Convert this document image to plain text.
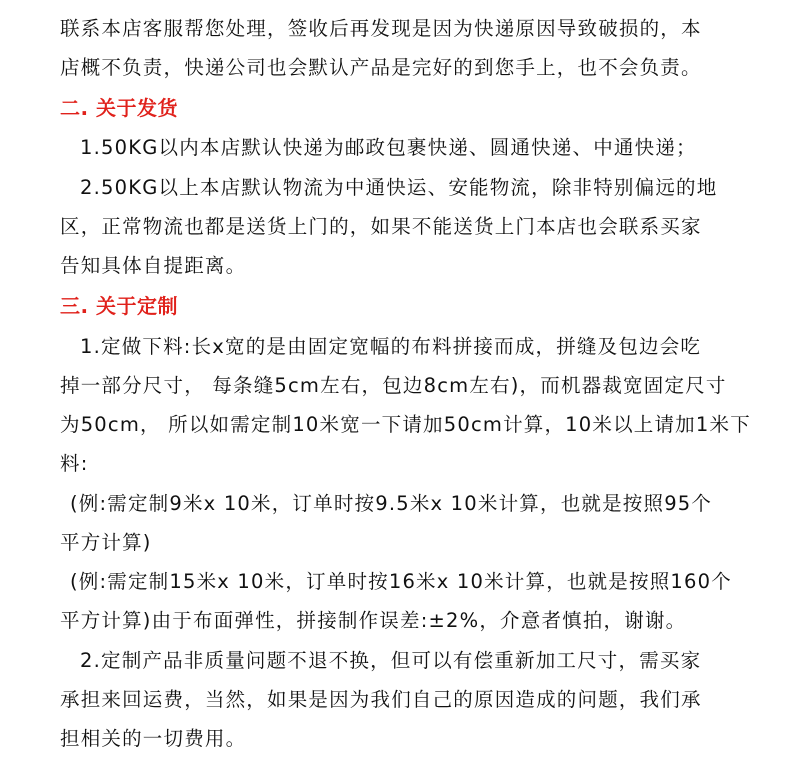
联系本店客服帮您处理，签收后再发现是因为快递原因导致破损的，本
店概不负责，快递公司也会默认产品是完好的到您手上，也不会负责。
二. 关于发货
1.50KG以内本店默认快递为邮政包裹快递、圆通快递、中通快递；
2.50KG以上本店默认物流为中通快运、安能物流，除非特别偏远的地
区，正常物流也都是送货上门的，如果不能送货上门本店也会联系买家
告知具体自提距离。
三. 关于定制
1.定做下料:长x宽的是由固定宽幅的布料拼接而成，拼缝及包边会吃
掉一部分尺寸， 每条缝5cm左右，包边8cm左右)，而机器裁宽固定尺寸
为50cm， 所以如需定制10米宽一下请加50cm计算，10米以上请加1米下
料:
(例:需定制9米x 10米，订单时按9.5米x 10米计算，也就是按照95个
平方计算)
(例:需定制15米x 10米，订单时按16米x 10米计算，也就是按照160个
平方计算)由于布面弹性，拼接制作误差:±2%，介意者慎拍，谢谢。
2.定制产品非质量问题不退不换，但可以有偿重新加工尺寸，需买家
承担来回运费，当然，如果是因为我们自己的原因造成的问题，我们承
担相关的一切费用。
